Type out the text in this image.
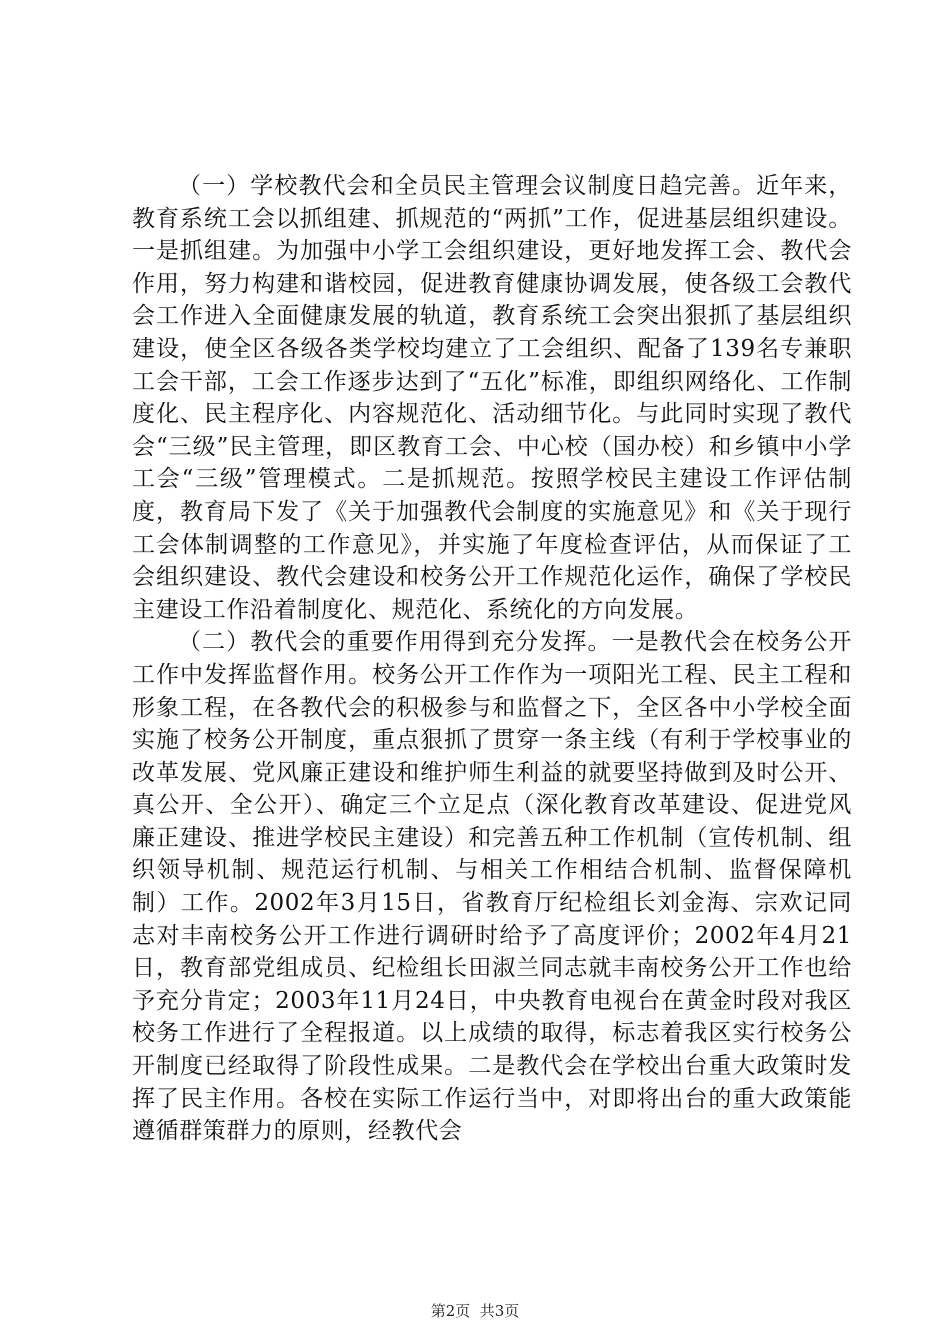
（一）学校教代会和全员民主管理会议制度日趋完善。近年来，教育系统工会以抓组建、抓规范的“两抓”工作，促进基层组织建设。一是抓组建。为加强中小学工会组织建设，更好地发挥工会、教代会作用，努力构建和谐校园，促进教育健康协调发展，使各级工会教代会工作进入全面健康发展的轨道，教育系统工会突出狠抓了基层组织建设，使全区各级各类学校均建立了工会组织、配备了139名专兼职工会干部，工会工作逐步达到了“五化”标准，即组织网络化、工作制度化、民主程序化、内容规范化、活动细节化。与此同时实现了教代会“三级”民主管理，即区教育工会、中心校（国办校）和乡镇中小学工会“三级”管理模式。二是抓规范。按照学校民主建设工作评估制度，教育局下发了《关于加强教代会制度的实施意见》和《关于现行工会体制调整的工作意见》，并实施了年度检查评估，从而保证了工会组织建设、教代会建设和校务公开工作规范化运作，确保了学校民主建设工作沿着制度化、规范化、系统化的方向发展。

（二）教代会的重要作用得到充分发挥。一是教代会在校务公开工作中发挥监督作用。校务公开工作作为一项阳光工程、民主工程和形象工程，在各教代会的积极参与和监督之下，全区各中小学校全面实施了校务公开制度，重点狠抓了贯穿一条主线（有利于学校事业的改革发展、党风廉正建设和维护师生利益的就要坚持做到及时公开、真公开、全公开）、确定三个立足点（深化教育改革建设、促进党风廉正建设、推进学校民主建设）和完善五种工作机制（宣传机制、组织领导机制、规范运行机制、与相关工作相结合机制、监督保障机制）工作。2002年3月15日，省教育厅纪检组长刘金海、宗欢记同志对丰南校务公开工作进行调研时给予了高度评价；2002年4月21日，教育部党组成员、纪检组长田淑兰同志就丰南校务公开工作也给予充分肯定；2003年11月24日，中央教育电视台在黄金时段对我区校务工作进行了全程报道。以上成绩的取得，标志着我区实行校务公开制度已经取得了阶段性成果。二是教代会在学校出台重大政策时发挥了民主作用。各校在实际工作运行当中，对即将出台的重大政策能遵循群策群力的原则，经教代会

第2页  共3页
